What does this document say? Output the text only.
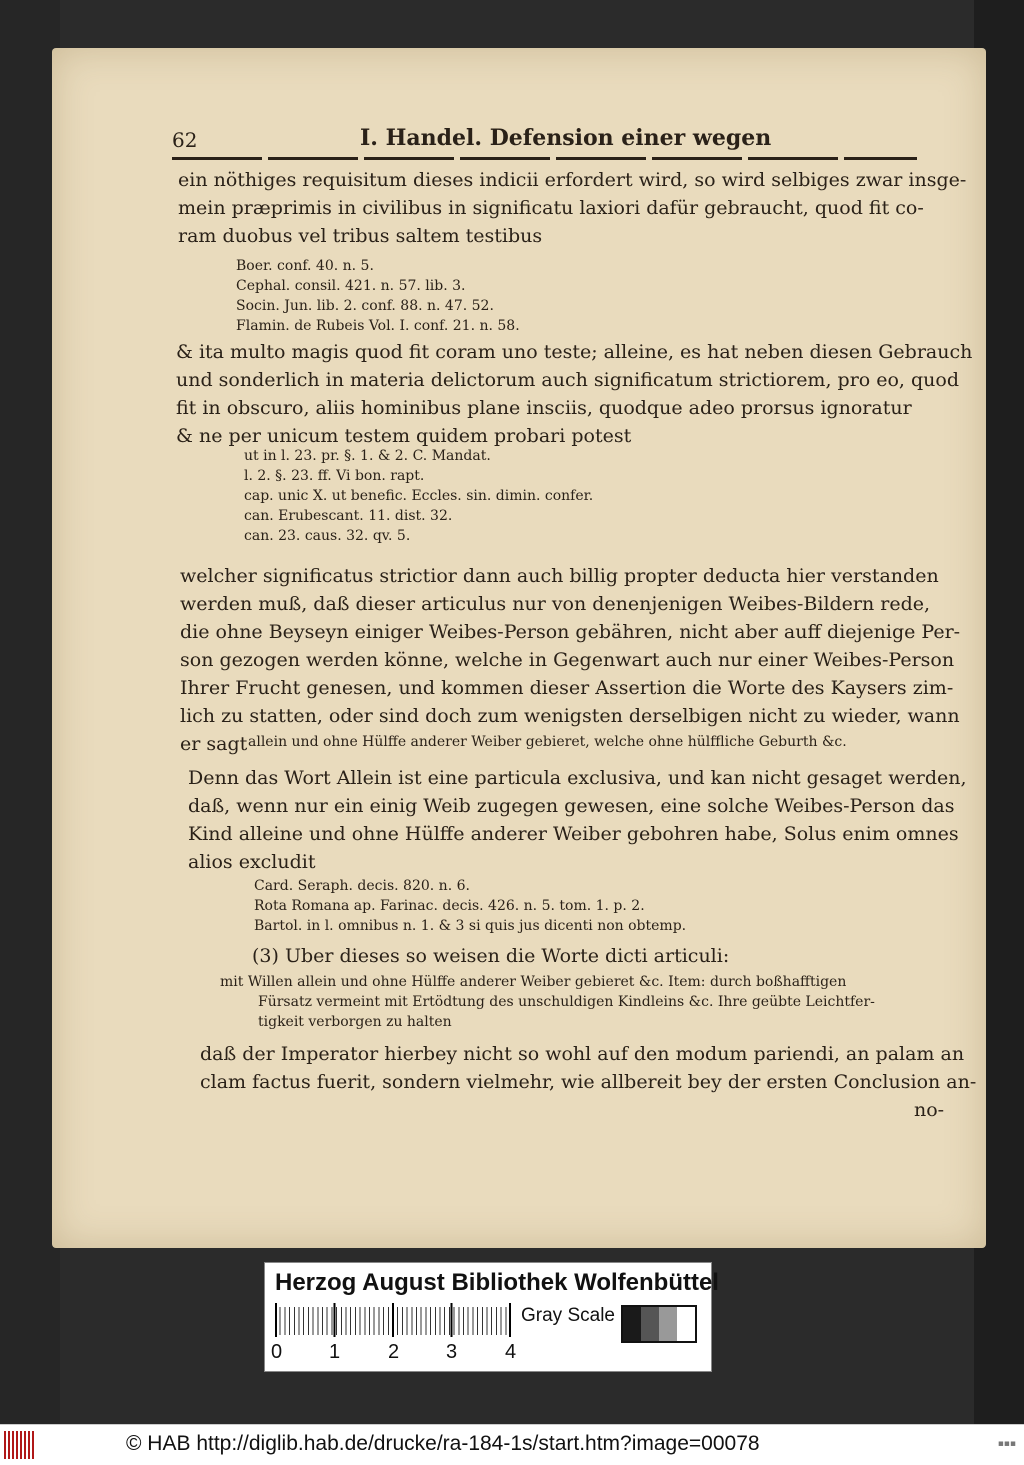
62	I. Handel. Defension einer wegen
ein nöthiges requisitum dieses indicii erfordert wird, so wird selbiges zwar insge-
mein præprimis in civilibus in significatu laxiori dafür gebraucht, quod fit co-
ram duobus vel tribus saltem testibus
Boer. conf. 40. n. 5.
Cephal. consil. 421. n. 57. lib. 3.
Socin. Jun. lib. 2. conf. 88. n. 47. 52.
Flamin. de Rubeis Vol. I. conf. 21. n. 58.
& ita multo magis quod fit coram uno teste; alleine, es hat neben diesen Gebrauch
und sonderlich in materia delictorum auch significatum strictiorem, pro eo, quod
fit in obscuro, aliis hominibus plane insciis, quodque adeo prorsus ignoratur
& ne per unicum testem quidem probari potest
ut in l. 23. pr. §. 1. & 2. C. Mandat.
l. 2. §. 23. ff. Vi bon. rapt.
cap. unic X. ut benefic. Eccles. sin. dimin. confer.
can. Erubescant. 11. dist. 32.
can. 23. caus. 32. qv. 5.
welcher significatus strictior dann auch billig propter deducta hier verstanden
werden muß, daß dieser articulus nur von denenjenigen Weibes-Bildern rede,
die ohne Beyseyn einiger Weibes-Person gebähren, nicht aber auff diejenige Per-
son gezogen werden könne, welche in Gegenwart auch nur einer Weibes-Person
Ihrer Frucht genesen, und kommen dieser Assertion die Worte des Kaysers zim-
lich zu statten, oder sind doch zum wenigsten derselbigen nicht zu wieder, wann
er sagt allein und ohne Hülffe anderer Weiber gebieret, welche ohne hülffliche Geburth &c.
Denn das Wort Allein ist eine particula exclusiva, und kan nicht gesaget werden,
daß, wenn nur ein einig Weib zugegen gewesen, eine solche Weibes-Person das
Kind alleine und ohne Hülffe anderer Weiber gebohren habe, Solus enim omnes
alios excludit
Card. Seraph. decis. 820. n. 6.
Rota Romana ap. Farinac. decis. 426. n. 5. tom. 1. p. 2.
Bartol. in l. omnibus n. 1. & 3 si quis jus dicenti non obtemp.
(3) Uber dieses so weisen die Worte dicti articuli:
mit Willen allein und ohne Hülffe anderer Weiber gebieret &c. Item: durch boßhafftigen
Fürsatz vermeint mit Ertödtung des unschuldigen Kindleins &c. Ihre geübte Leichtfer-
tigkeit verborgen zu halten
daß der Imperator hierbey nicht so wohl auf den modum pariendi, an palam an
clam factus fuerit, sondern vielmehr, wie allbereit bey der ersten Conclusion an-
no-
Herzog August Bibliothek Wolfenbüttel
0 1 2 3 4
Gray Scale
© HAB http://diglib.hab.de/drucke/ra-184-1s/start.htm?image=00078	▪▪▪
